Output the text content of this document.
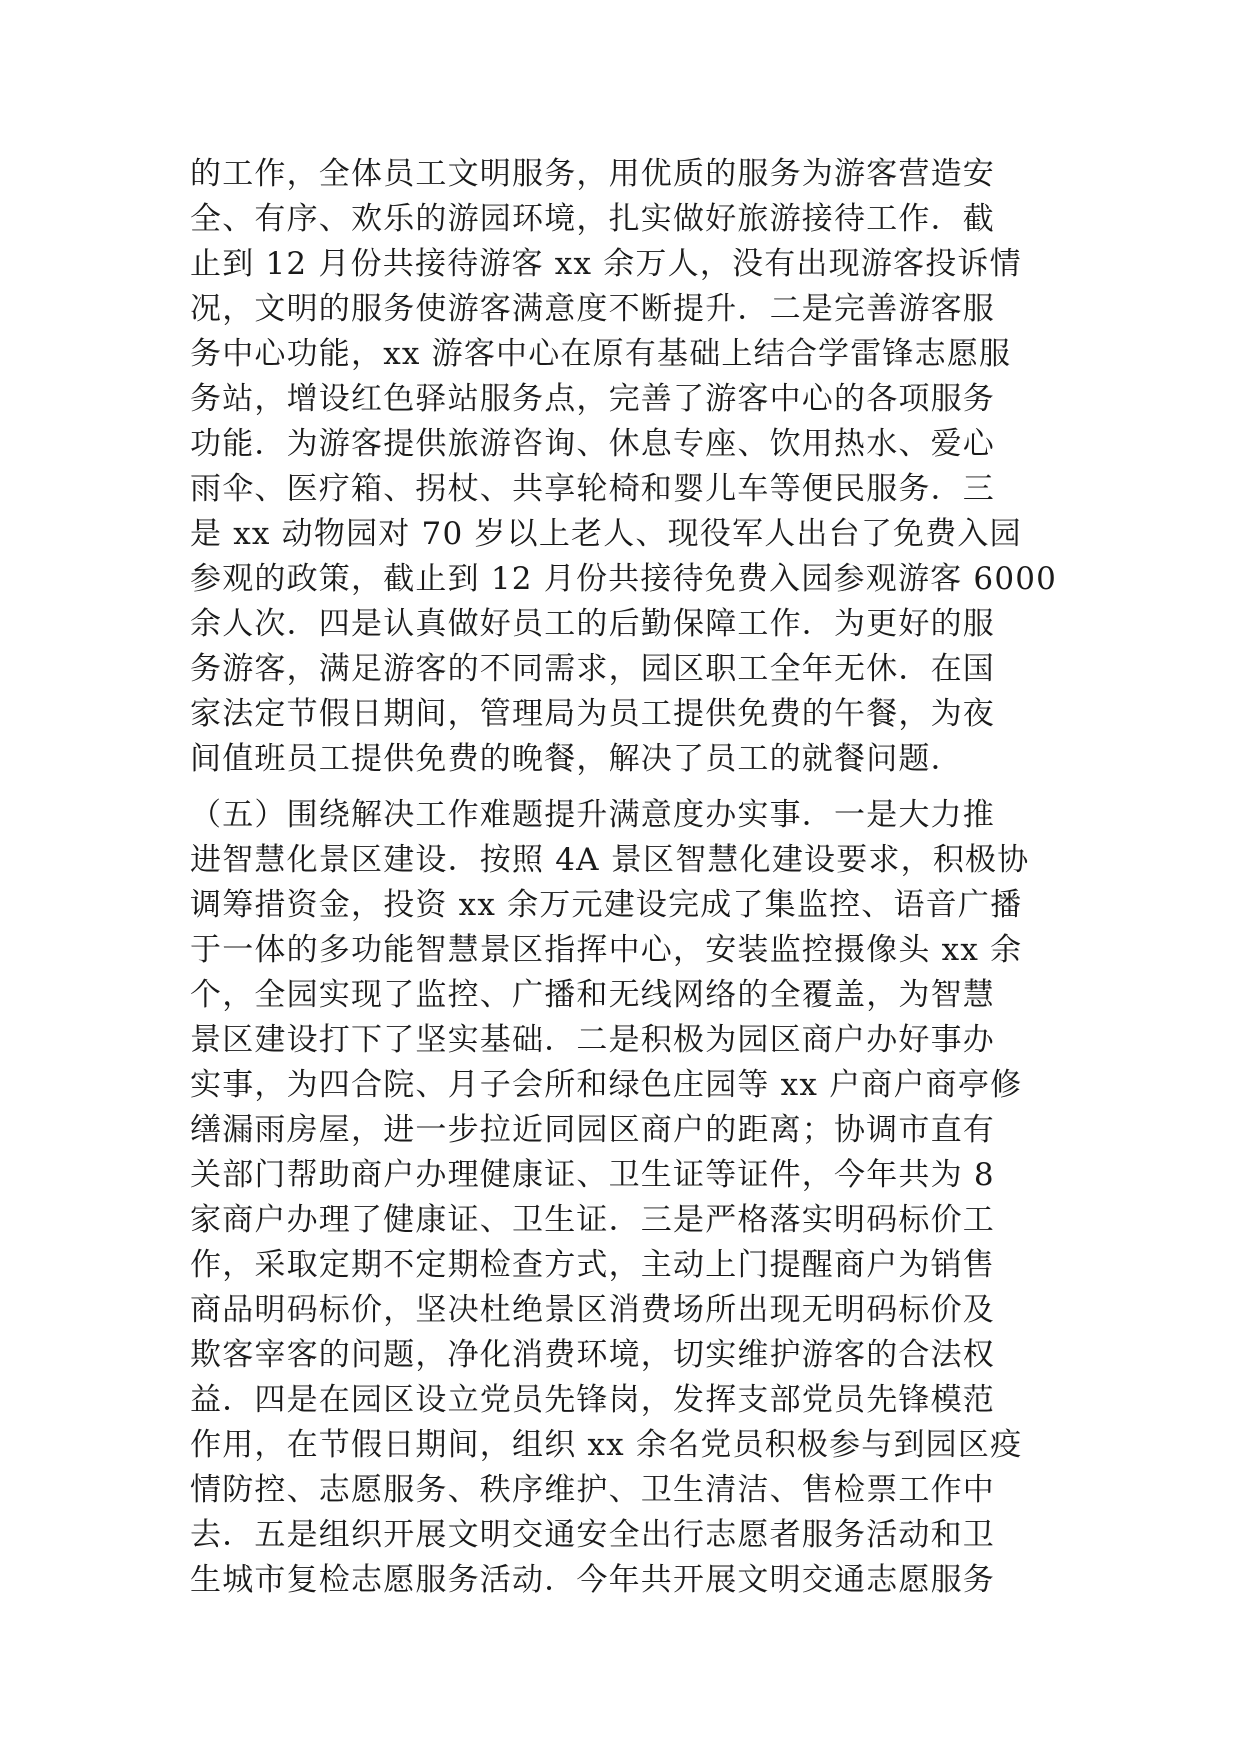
的工作，全体员工文明服务，用优质的服务为游客营造安
全、有序、欢乐的游园环境，扎实做好旅游接待工作．截
止到 12 月份共接待游客 xx 余万人，没有出现游客投诉情
况，文明的服务使游客满意度不断提升．二是完善游客服
务中心功能，xx 游客中心在原有基础上结合学雷锋志愿服
务站，增设红色驿站服务点，完善了游客中心的各项服务
功能．为游客提供旅游咨询、休息专座、饮用热水、爱心
雨伞、医疗箱、拐杖、共享轮椅和婴儿车等便民服务．三
是 xx 动物园对 70 岁以上老人、现役军人出台了免费入园
参观的政策，截止到 12 月份共接待免费入园参观游客 6000
余人次．四是认真做好员工的后勤保障工作．为更好的服
务游客，满足游客的不同需求，园区职工全年无休．在国
家法定节假日期间，管理局为员工提供免费的午餐，为夜
间值班员工提供免费的晚餐，解决了员工的就餐问题．
（五）围绕解决工作难题提升满意度办实事．一是大力推
进智慧化景区建设．按照 4A 景区智慧化建设要求，积极协
调筹措资金，投资 xx 余万元建设完成了集监控、语音广播
于一体的多功能智慧景区指挥中心，安装监控摄像头 xx 余
个，全园实现了监控、广播和无线网络的全覆盖，为智慧
景区建设打下了坚实基础．二是积极为园区商户办好事办
实事，为四合院、月子会所和绿色庄园等 xx 户商户商亭修
缮漏雨房屋，进一步拉近同园区商户的距离；协调市直有
关部门帮助商户办理健康证、卫生证等证件，今年共为 8
家商户办理了健康证、卫生证．三是严格落实明码标价工
作，采取定期不定期检查方式，主动上门提醒商户为销售
商品明码标价，坚决杜绝景区消费场所出现无明码标价及
欺客宰客的问题，净化消费环境，切实维护游客的合法权
益．四是在园区设立党员先锋岗，发挥支部党员先锋模范
作用，在节假日期间，组织 xx 余名党员积极参与到园区疫
情防控、志愿服务、秩序维护、卫生清洁、售检票工作中
去．五是组织开展文明交通安全出行志愿者服务活动和卫
生城市复检志愿服务活动．今年共开展文明交通志愿服务
